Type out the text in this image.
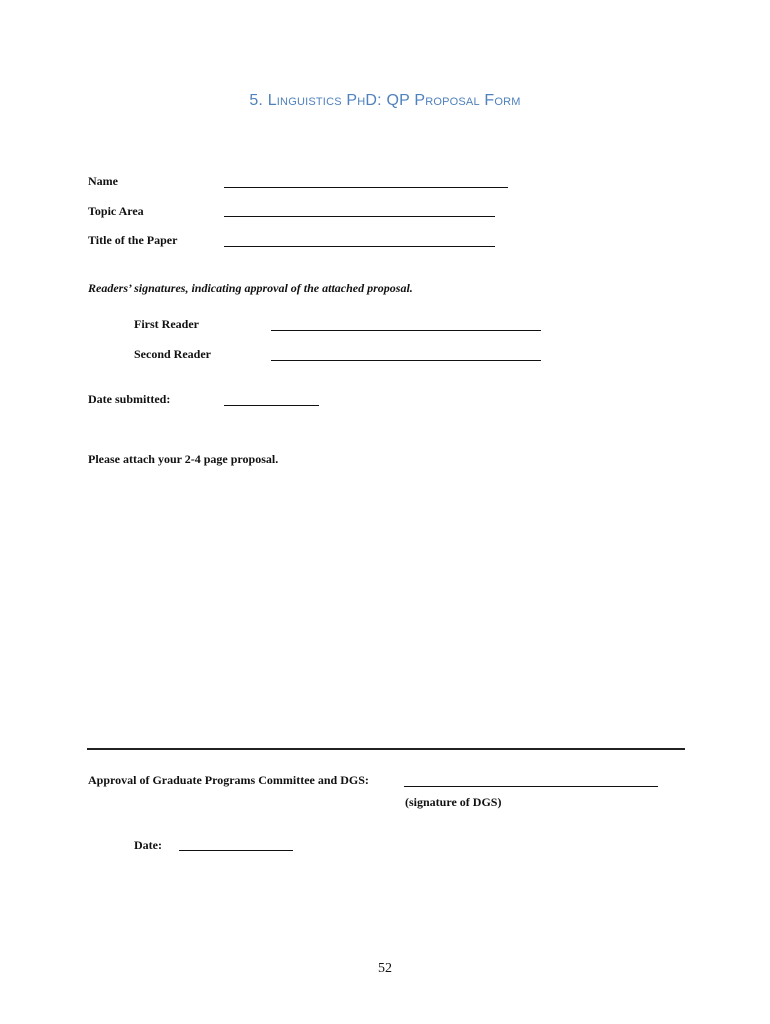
5. Linguistics PhD: QP Proposal Form
Name
Topic Area
Title of the Paper
Readers’ signatures, indicating approval of the attached proposal.
First Reader
Second Reader
Date submitted:
Please attach your 2-4 page proposal.
Approval of Graduate Programs Committee and DGS:
(signature of DGS)
Date:
52
